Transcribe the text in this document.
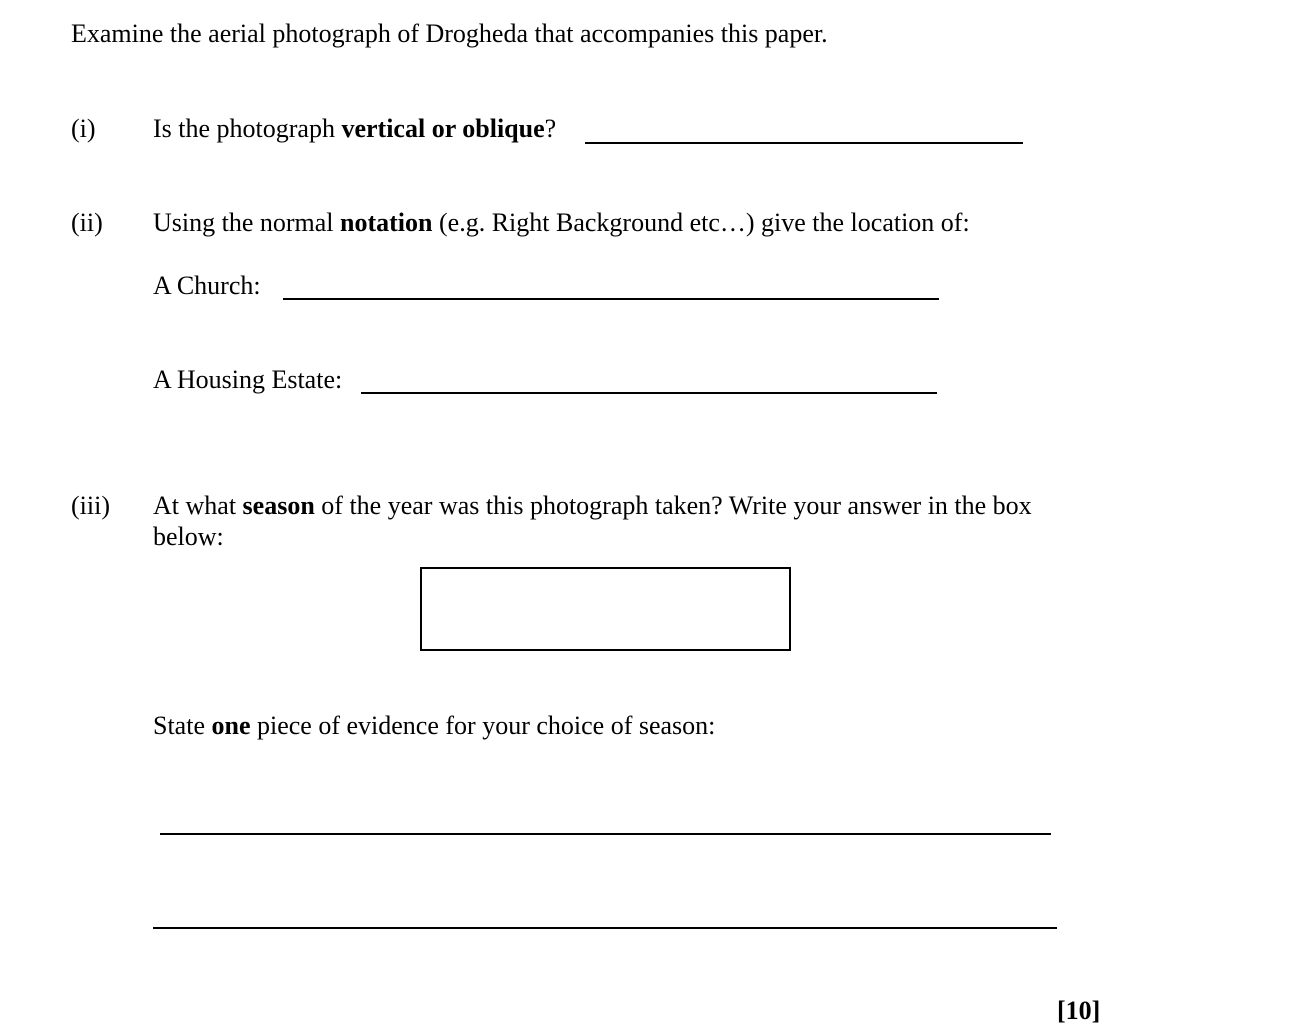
Examine the aerial photograph of Drogheda that accompanies this paper.
(i) Is the photograph vertical or oblique?
(ii) Using the normal notation (e.g. Right Background etc…) give the location of:
A Church:
A Housing Estate:
(iii) At what season of the year was this photograph taken? Write your answer in the box
below:
State one piece of evidence for your choice of season:
[10]
